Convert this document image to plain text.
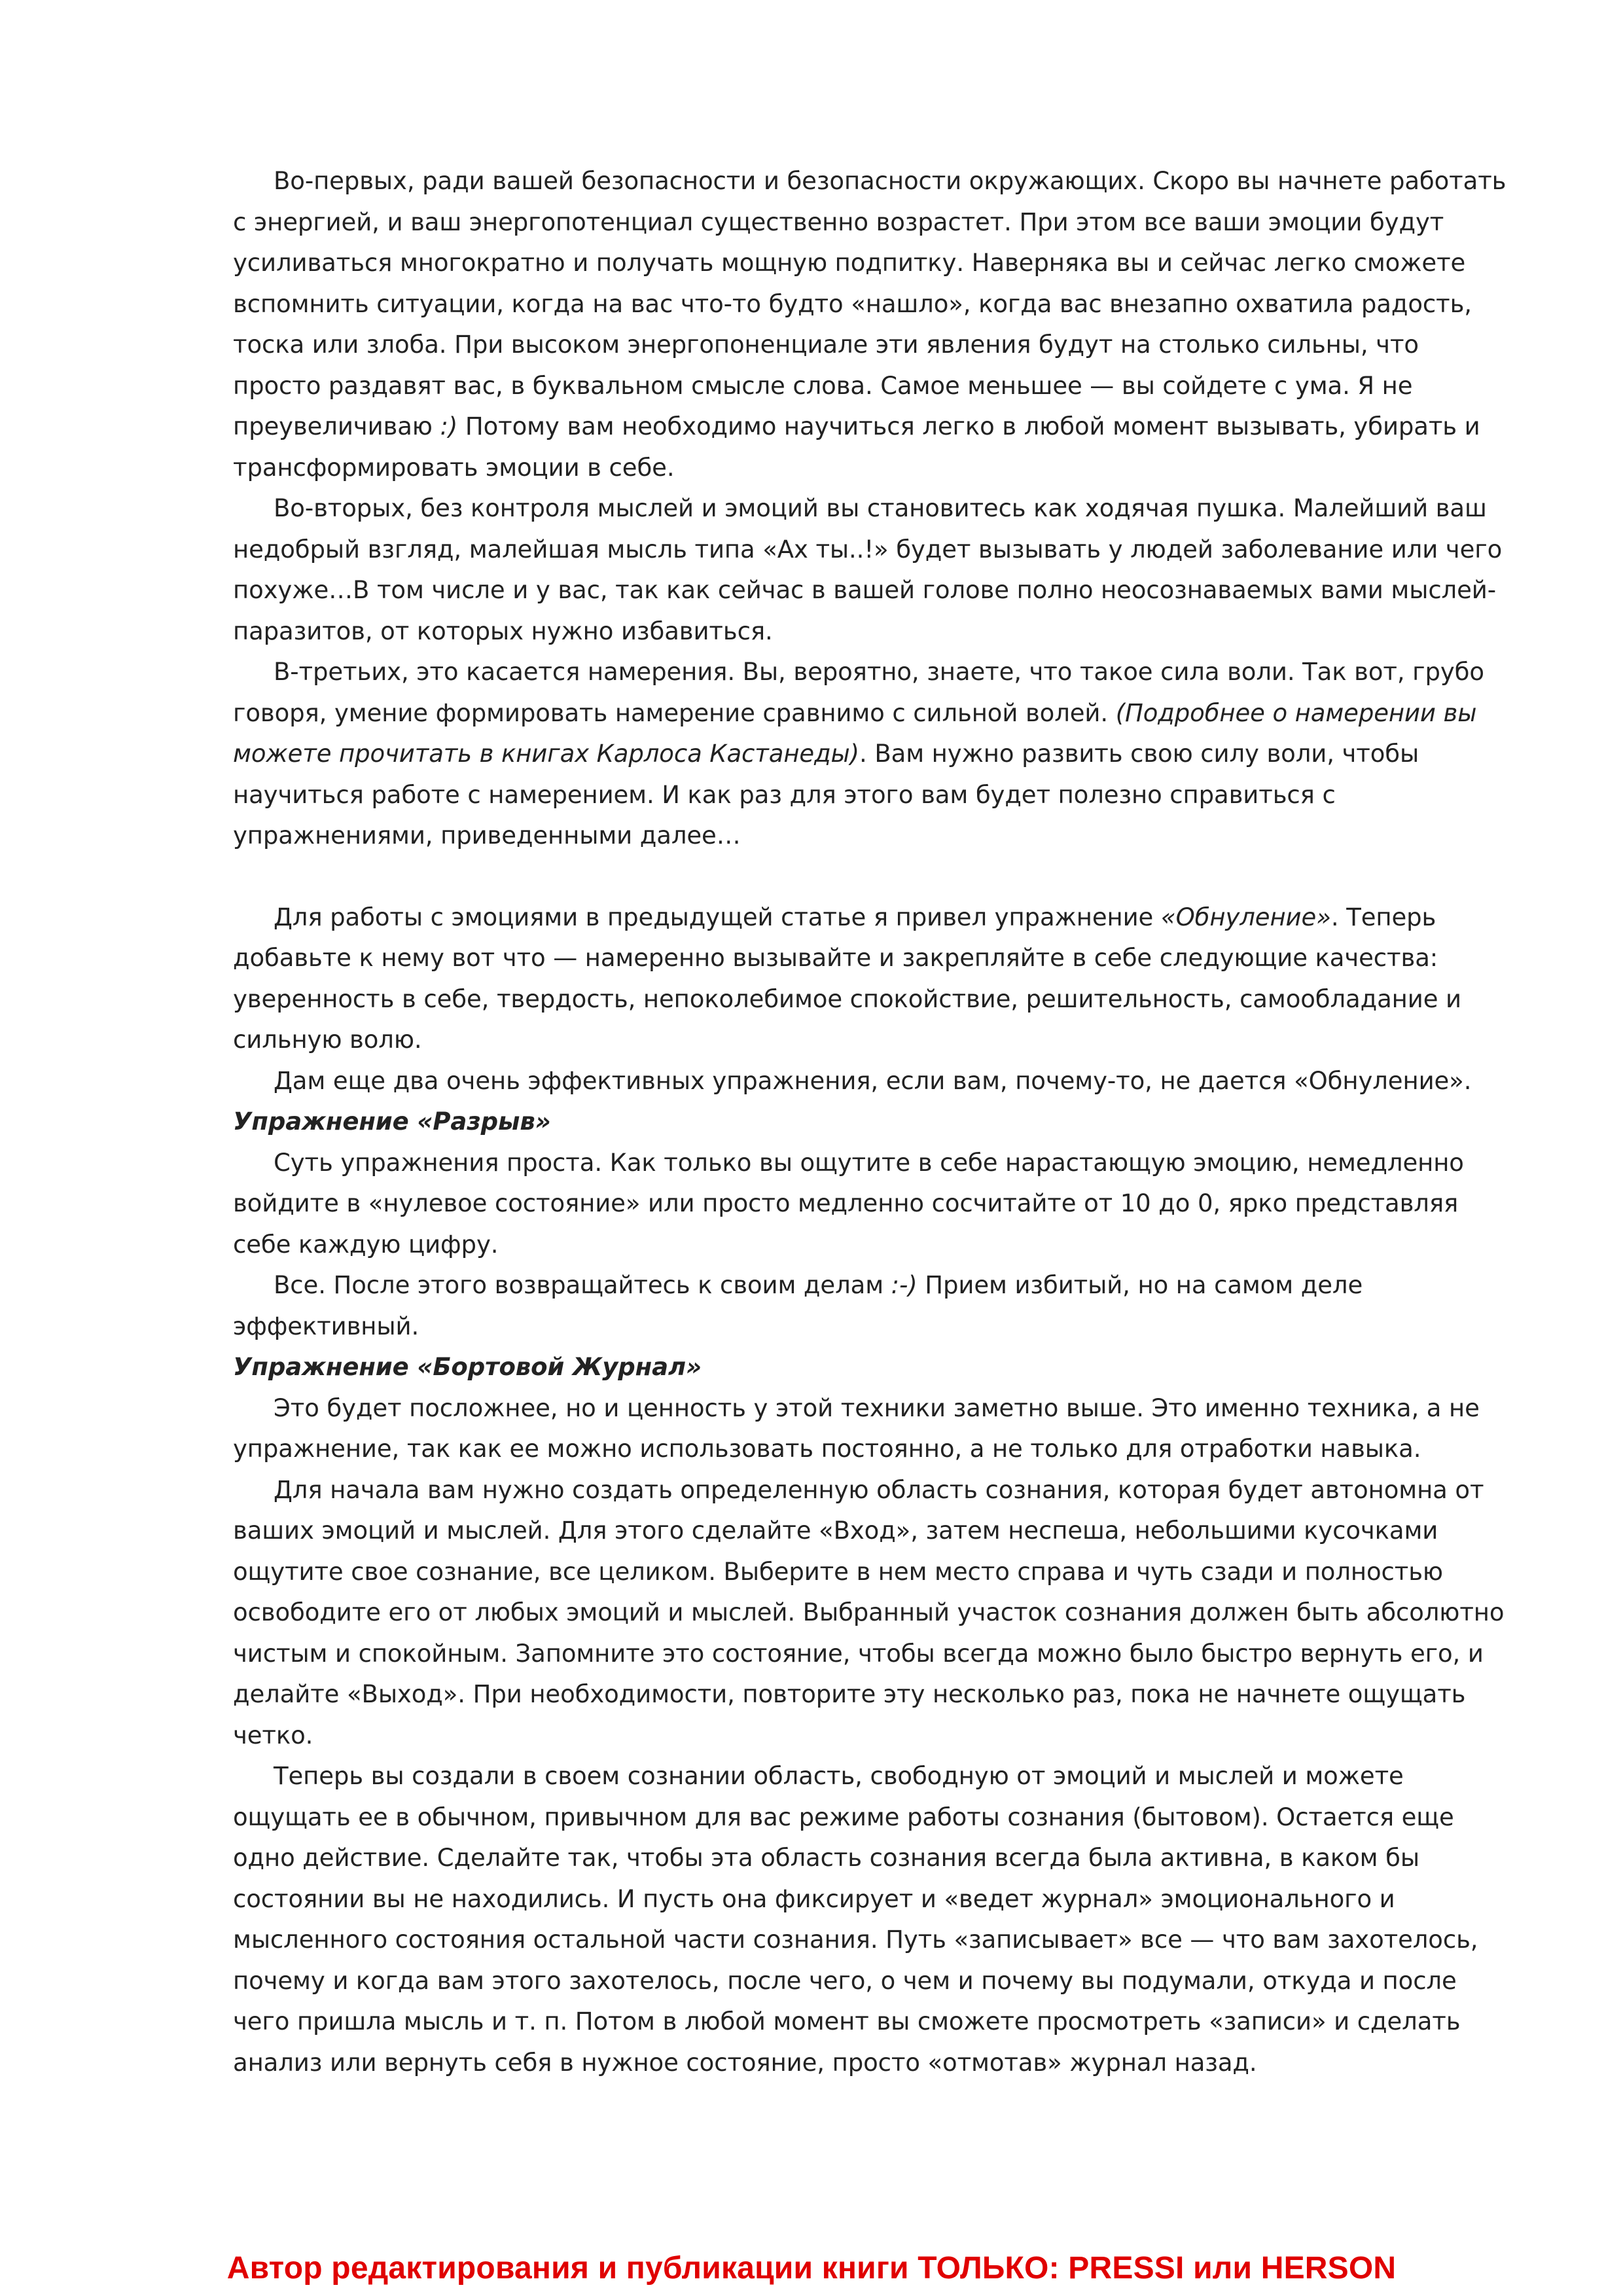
Во-первых, ради вашей безопасности и безопасности окружающих. Скоро вы начнете работать с энергией, и ваш энергопотенциал существенно возрастет. При этом все ваши эмоции будут усиливаться многократно и получать мощную подпитку. Наверняка вы и сейчас легко сможете вспомнить ситуации, когда на вас что-то будто «нашло», когда вас внезапно охватила радость, тоска или злоба. При высоком энергопоненциале эти явления будут на столько сильны, что просто раздавят вас, в буквальном смысле слова. Самое меньшее — вы сойдете с ума. Я не преувеличиваю :) Потому вам необходимо научиться легко в любой момент вызывать, убирать и трансформировать эмоции в себе.

Во-вторых, без контроля мыслей и эмоций вы становитесь как ходячая пушка. Малейший ваш недобрый взгляд, малейшая мысль типа «Ах ты..!» будет вызывать у людей заболевание или чего похуже…В том числе и у вас, так как сейчас в вашей голове полно неосознаваемых вами мыслей-паразитов, от которых нужно избавиться.

В-третьих, это касается намерения. Вы, вероятно, знаете, что такое сила воли. Так вот, грубо говоря, умение формировать намерение сравнимо с сильной волей. (Подробнее о намерении вы можете прочитать в книгах Карлоса Кастанеды). Вам нужно развить свою силу воли, чтобы научиться работе с намерением. И как раз для этого вам будет полезно справиться с упражнениями, приведенными далее…

Для работы с эмоциями в предыдущей статье я привел упражнение «Обнуление». Теперь добавьте к нему вот что — намеренно вызывайте и закрепляйте в себе следующие качества: уверенность в себе, твердость, непоколебимое спокойствие, решительность, самообладание и сильную волю.

Дам еще два очень эффективных упражнения, если вам, почему-то, не дается «Обнуление».

Упражнение «Разрыв»

Суть упражнения проста. Как только вы ощутите в себе нарастающую эмоцию, немедленно войдите в «нулевое состояние» или просто медленно сосчитайте от 10 до 0, ярко представляя себе каждую цифру.

Все. После этого возвращайтесь к своим делам :-) Прием избитый, но на самом деле эффективный.

Упражнение «Бортовой Журнал»

Это будет посложнее, но и ценность у этой техники заметно выше. Это именно техника, а не упражнение, так как ее можно использовать постоянно, а не только для отработки навыка.

Для начала вам нужно создать определенную область сознания, которая будет автономна от ваших эмоций и мыслей. Для этого сделайте «Вход», затем неспеша, небольшими кусочками ощутите свое сознание, все целиком. Выберите в нем место справа и чуть сзади и полностью освободите его от любых эмоций и мыслей. Выбранный участок сознания должен быть абсолютно чистым и спокойным. Запомните это состояние, чтобы всегда можно было быстро вернуть его, и делайте «Выход». При необходимости, повторите эту несколько раз, пока не начнете ощущать четко.

Теперь вы создали в своем сознании область, свободную от эмоций и мыслей и можете ощущать ее в обычном, привычном для вас режиме работы сознания (бытовом). Остается еще одно действие. Сделайте так, чтобы эта область сознания всегда была активна, в каком бы состоянии вы не находились. И пусть она фиксирует и «ведет журнал» эмоционального и мысленного состояния остальной части сознания. Путь «записывает» все — что вам захотелось, почему и когда вам этого захотелось, после чего, о чем и почему вы подумали, откуда и после чего пришла мысль и т. п. Потом в любой момент вы сможете просмотреть «записи» и сделать анализ или вернуть себя в нужное состояние, просто «отмотав» журнал назад.

Автор редактирования и публикации книги ТОЛЬКО: PRESSI или HERSON
